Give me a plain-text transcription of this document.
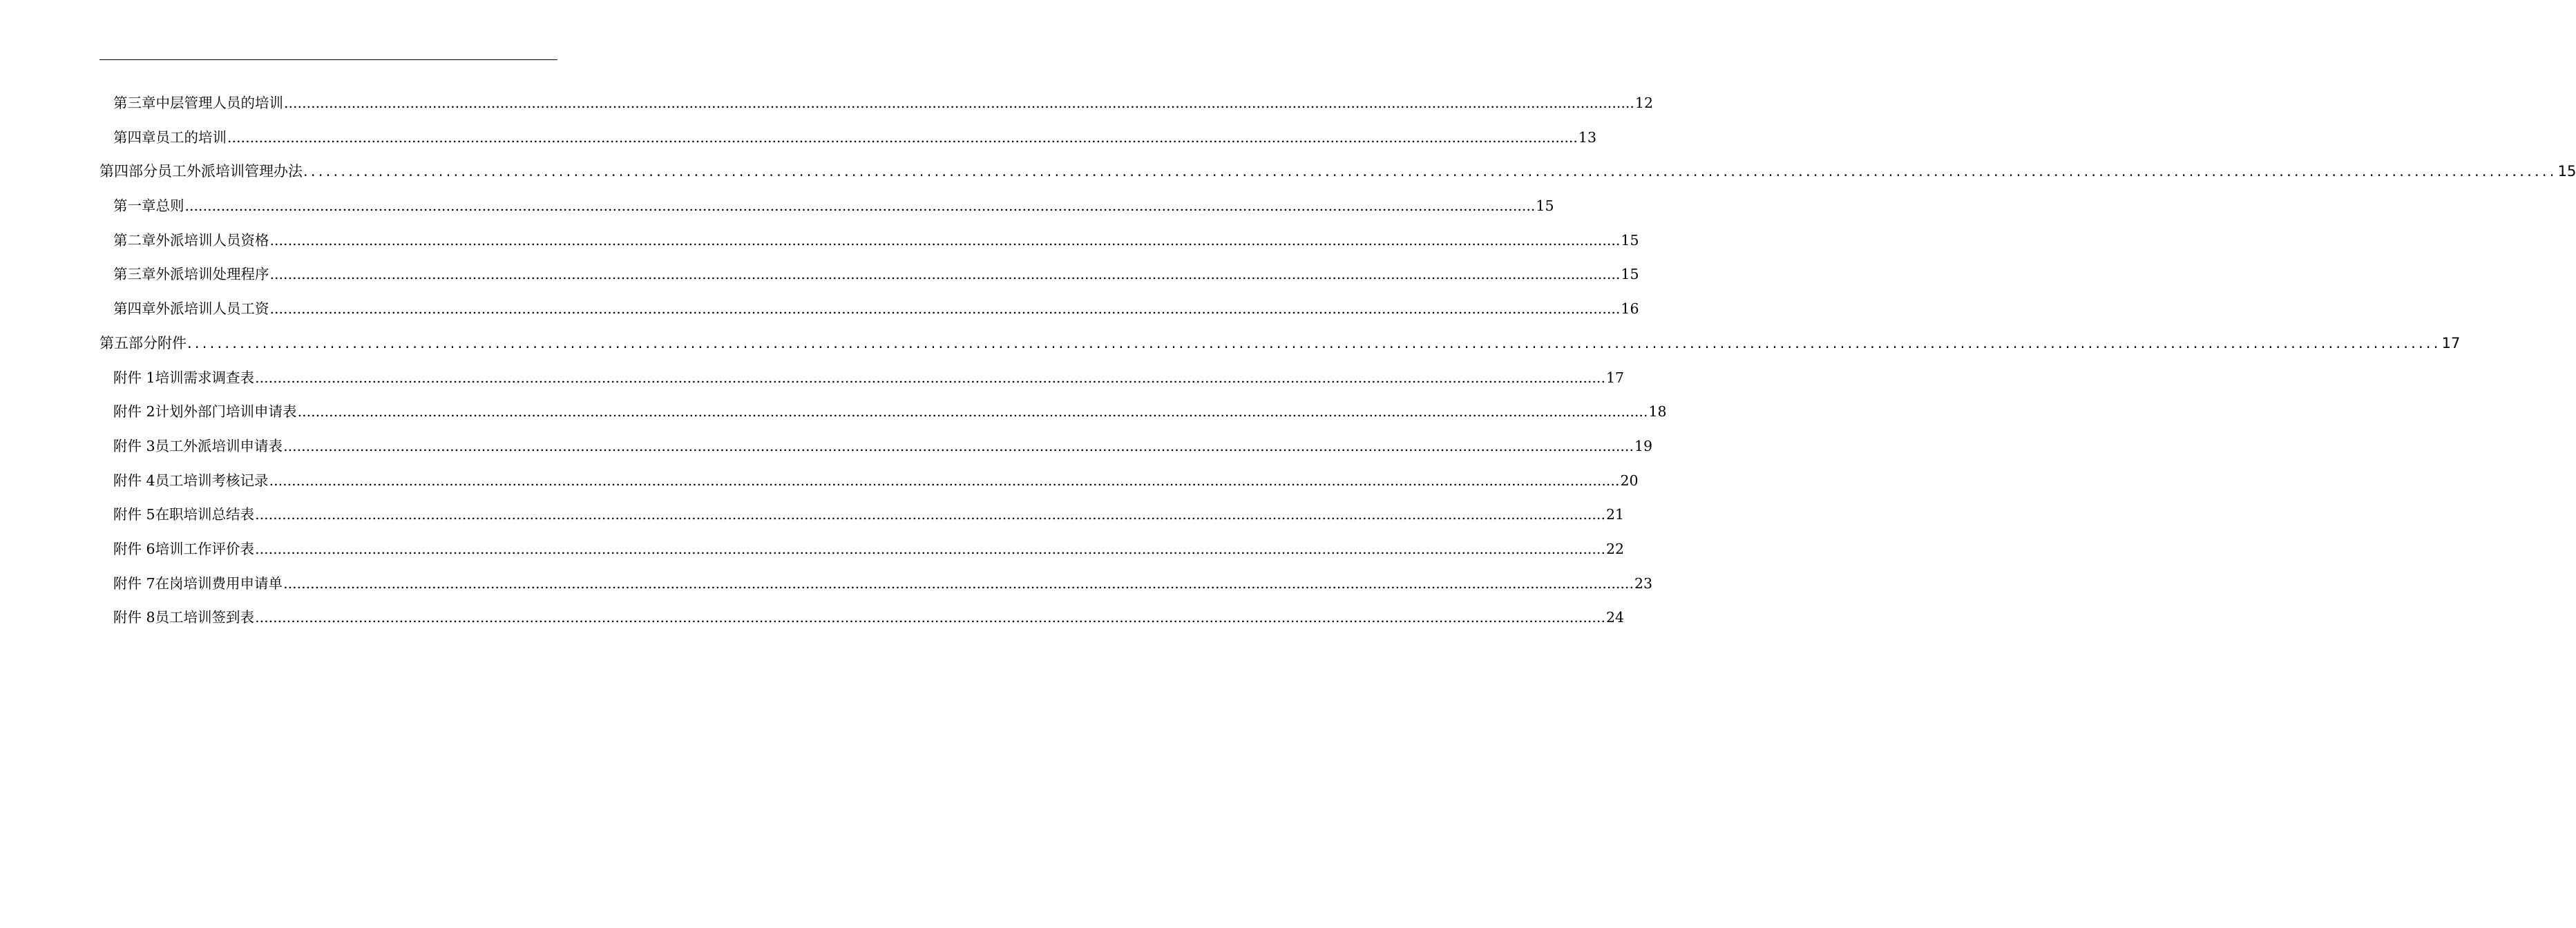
第三章 中层管理人员的培训 ............................................................................................................................................................................................................................................................................................................ 12
第四章 员工的培训 ............................................................................................................................................................................................................................................................................................................ 13
第四部分 员工外派培训管理办法 ............................................................................................................................................................................................................................................................................................................ 15
第一章 总则 ............................................................................................................................................................................................................................................................................................................ 15
第二章 外派培训人员资格 ............................................................................................................................................................................................................................................................................................................ 15
第三章 外派培训处理程序 ............................................................................................................................................................................................................................................................................................................ 15
第四章 外派培训人员工资 ............................................................................................................................................................................................................................................................................................................ 16
第五部分 附件 ............................................................................................................................................................................................................................................................................................................ 17
附件 1 培训需求调查表 ............................................................................................................................................................................................................................................................................................................ 17
附件 2 计划外部门培训申请表 ............................................................................................................................................................................................................................................................................................................ 18
附件 3 员工外派培训申请表 ............................................................................................................................................................................................................................................................................................................ 19
附件 4 员工培训考核记录 ............................................................................................................................................................................................................................................................................................................ 20
附件 5 在职培训总结表 ............................................................................................................................................................................................................................................................................................................ 21
附件 6 培训工作评价表 ............................................................................................................................................................................................................................................................................................................ 22
附件 7 在岗培训费用申请单 ............................................................................................................................................................................................................................................................................................................ 23
附件 8 员工培训签到表 ............................................................................................................................................................................................................................................................................................................ 24
